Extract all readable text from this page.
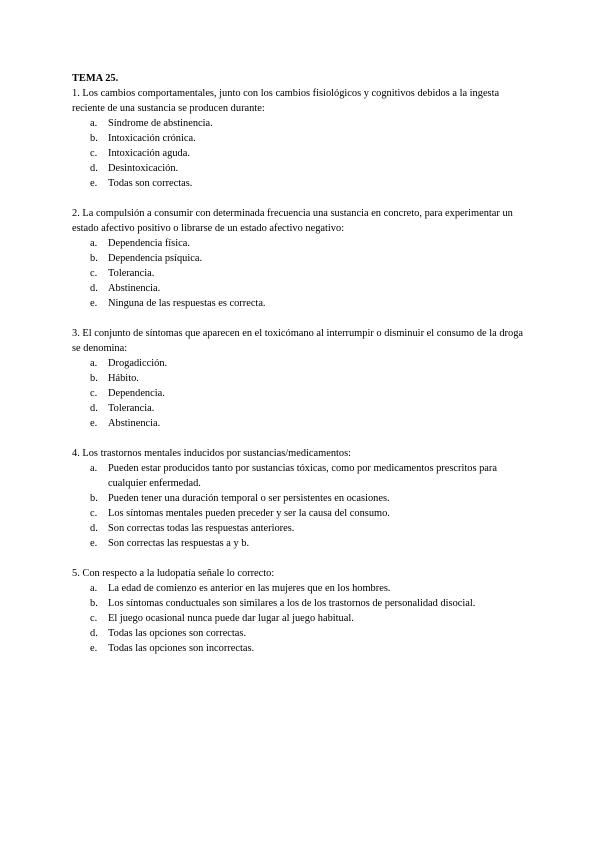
TEMA 25.

1. Los cambios comportamentales, junto con los cambios fisiológicos y cognitivos debidos a la ingesta reciente de una sustancia se producen durante:

a. Síndrome de abstinencia.
b. Intoxicación crónica.
c. Intoxicación aguda.
d. Desintoxicación.
e. Todas son correctas.

2. La compulsión a consumir con determinada frecuencia una sustancia en concreto, para experimentar un estado afectivo positivo o librarse de un estado afectivo negativo:

a. Dependencia física.
b. Dependencia psíquica.
c. Tolerancia.
d. Abstinencia.
e. Ninguna de las respuestas es correcta.

3. El conjunto de síntomas que aparecen en el toxicómano al interrumpir o disminuir el consumo de la droga se denomina:

a. Drogadicción.
b. Hábito.
c. Dependencia.
d. Tolerancia.
e. Abstinencia.

4. Los trastornos mentales inducidos por sustancias/medicamentos:

a. Pueden estar producidos tanto por sustancias tóxicas, como por medicamentos prescritos para cualquier enfermedad.
b. Pueden tener una duración temporal o ser persistentes en ocasiones.
c. Los síntomas mentales pueden preceder y ser la causa del consumo.
d. Son correctas todas las respuestas anteriores.
e. Son correctas las respuestas a y b.

5. Con respecto a la ludopatía señale lo correcto:

a. La edad de comienzo es anterior en las mujeres que en los hombres.
b. Los síntomas conductuales son similares a los de los trastornos de personalidad disocial.
c. El juego ocasional nunca puede dar lugar al juego habitual.
d. Todas las opciones son correctas.
e. Todas las opciones son incorrectas.
